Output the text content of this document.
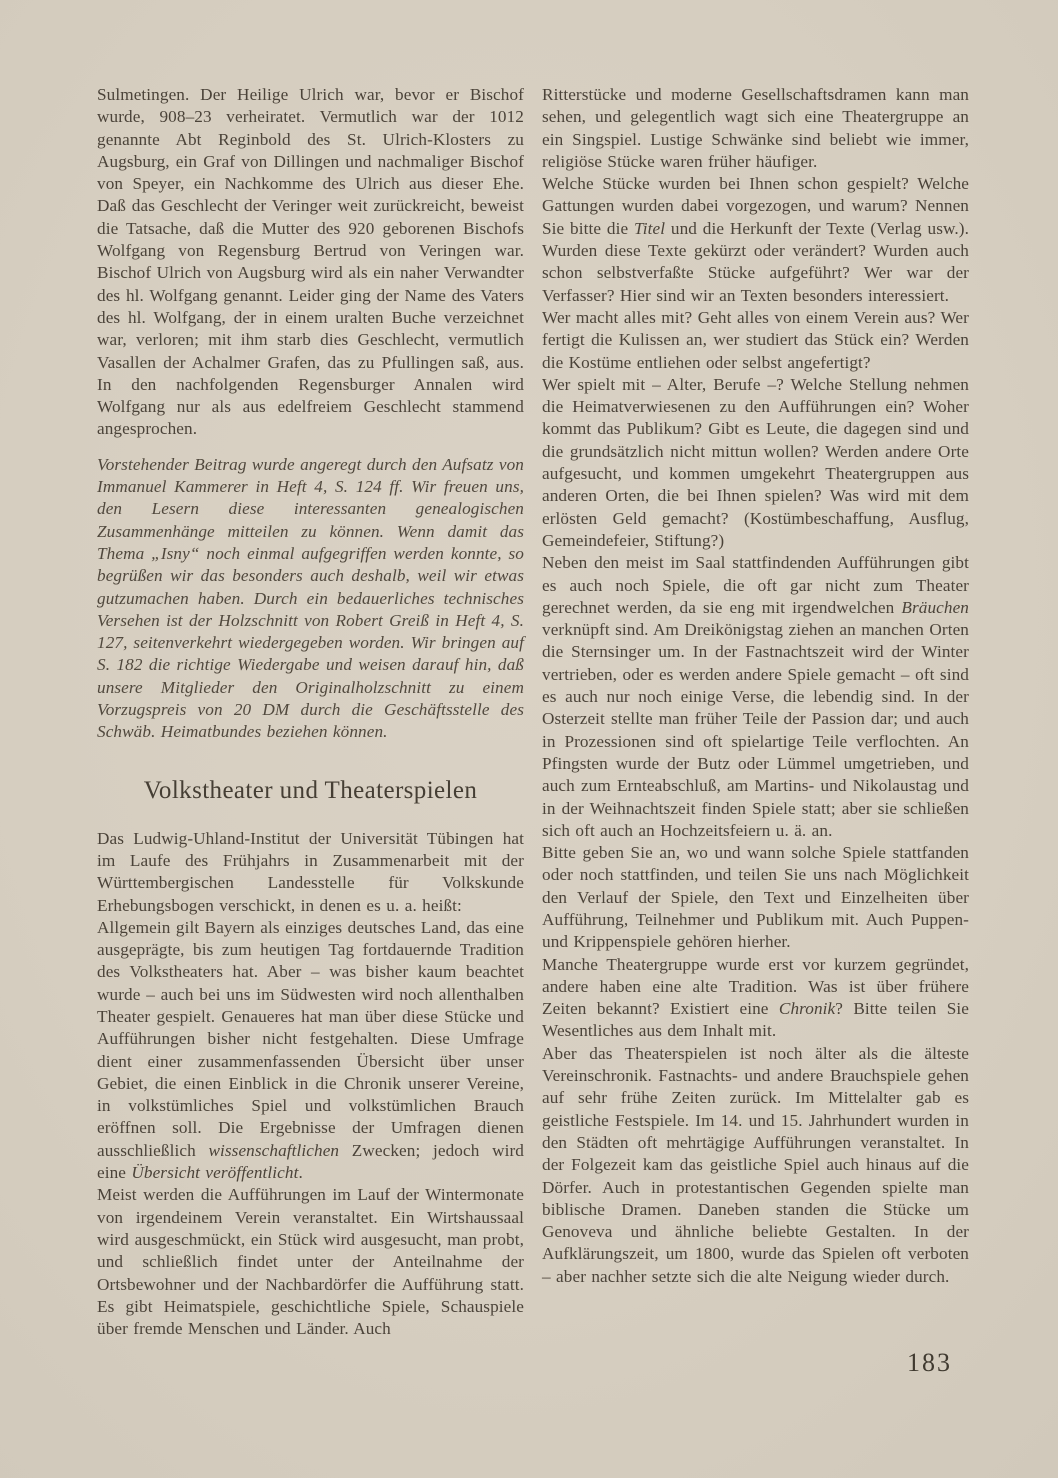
Sulmetingen. Der Heilige Ulrich war, bevor er Bischof wurde, 908–23 verheiratet. Vermutlich war der 1012 genannte Abt Reginbold des St. Ulrich-Klosters zu Augsburg, ein Graf von Dillingen und nachmaliger Bischof von Speyer, ein Nachkomme des Ulrich aus dieser Ehe. Daß das Geschlecht der Veringer weit zurückreicht, beweist die Tatsache, daß die Mutter des 920 geborenen Bischofs Wolfgang von Regensburg Bertrud von Veringen war. Bischof Ulrich von Augsburg wird als ein naher Verwandter des hl. Wolfgang genannt. Leider ging der Name des Vaters des hl. Wolfgang, der in einem uralten Buche verzeichnet war, verloren; mit ihm starb dies Geschlecht, vermutlich Vasallen der Achalmer Grafen, das zu Pfullingen saß, aus. In den nachfolgenden Regensburger Annalen wird Wolfgang nur als aus edelfreiem Geschlecht stammend angesprochen.

Vorstehender Beitrag wurde angeregt durch den Aufsatz von Immanuel Kammerer in Heft 4, S. 124 ff. Wir freuen uns, den Lesern diese interessanten genealogischen Zusammenhänge mitteilen zu können. Wenn damit das Thema „Isny“ noch einmal aufgegriffen werden konnte, so begrüßen wir das besonders auch deshalb, weil wir etwas gutzumachen haben. Durch ein bedauerliches technisches Versehen ist der Holzschnitt von Robert Greiß in Heft 4, S. 127, seitenverkehrt wiedergegeben worden. Wir bringen auf S. 182 die richtige Wiedergabe und weisen darauf hin, daß unsere Mitglieder den Originalholzschnitt zu einem Vorzugspreis von 20 DM durch die Geschäftsstelle des Schwäb. Heimatbundes beziehen können.

Volkstheater und Theaterspielen

Das Ludwig-Uhland-Institut der Universität Tübingen hat im Laufe des Frühjahrs in Zusammenarbeit mit der Württembergischen Landesstelle für Volkskunde Erhebungsbogen verschickt, in denen es u. a. heißt:

Allgemein gilt Bayern als einziges deutsches Land, das eine ausgeprägte, bis zum heutigen Tag fortdauernde Tradition des Volkstheaters hat. Aber – was bisher kaum beachtet wurde – auch bei uns im Südwesten wird noch allenthalben Theater gespielt. Genaueres hat man über diese Stücke und Aufführungen bisher nicht festgehalten. Diese Umfrage dient einer zusammenfassenden Übersicht über unser Gebiet, die einen Einblick in die Chronik unserer Vereine, in volkstümliches Spiel und volkstümlichen Brauch eröffnen soll. Die Ergebnisse der Umfragen dienen ausschließlich wissenschaftlichen Zwecken; jedoch wird eine Übersicht veröffentlicht.

Meist werden die Aufführungen im Lauf der Wintermonate von irgendeinem Verein veranstaltet. Ein Wirtshaussaal wird ausgeschmückt, ein Stück wird ausgesucht, man probt, und schließlich findet unter der Anteilnahme der Ortsbewohner und der Nachbardörfer die Aufführung statt. Es gibt Heimatspiele, geschichtliche Spiele, Schauspiele über fremde Menschen und Länder. Auch

Ritterstücke und moderne Gesellschaftsdramen kann man sehen, und gelegentlich wagt sich eine Theatergruppe an ein Singspiel. Lustige Schwänke sind beliebt wie immer, religiöse Stücke waren früher häufiger.

Welche Stücke wurden bei Ihnen schon gespielt? Welche Gattungen wurden dabei vorgezogen, und warum? Nennen Sie bitte die Titel und die Herkunft der Texte (Verlag usw.). Wurden diese Texte gekürzt oder verändert? Wurden auch schon selbstverfaßte Stücke aufgeführt? Wer war der Verfasser? Hier sind wir an Texten besonders interessiert.

Wer macht alles mit? Geht alles von einem Verein aus? Wer fertigt die Kulissen an, wer studiert das Stück ein? Werden die Kostüme entliehen oder selbst angefertigt?

Wer spielt mit – Alter, Berufe –? Welche Stellung nehmen die Heimatverwiesenen zu den Aufführungen ein? Woher kommt das Publikum? Gibt es Leute, die dagegen sind und die grundsätzlich nicht mittun wollen? Werden andere Orte aufgesucht, und kommen umgekehrt Theatergruppen aus anderen Orten, die bei Ihnen spielen? Was wird mit dem erlösten Geld gemacht? (Kostümbeschaffung, Ausflug, Gemeindefeier, Stiftung?)

Neben den meist im Saal stattfindenden Aufführungen gibt es auch noch Spiele, die oft gar nicht zum Theater gerechnet werden, da sie eng mit irgendwelchen Bräuchen verknüpft sind. Am Dreikönigstag ziehen an manchen Orten die Sternsinger um. In der Fastnachtszeit wird der Winter vertrieben, oder es werden andere Spiele gemacht – oft sind es auch nur noch einige Verse, die lebendig sind. In der Osterzeit stellte man früher Teile der Passion dar; und auch in Prozessionen sind oft spielartige Teile verflochten. An Pfingsten wurde der Butz oder Lümmel umgetrieben, und auch zum Ernteabschluß, am Martins- und Nikolaustag und in der Weihnachtszeit finden Spiele statt; aber sie schließen sich oft auch an Hochzeitsfeiern u. ä. an.

Bitte geben Sie an, wo und wann solche Spiele stattfanden oder noch stattfinden, und teilen Sie uns nach Möglichkeit den Verlauf der Spiele, den Text und Einzelheiten über Aufführung, Teilnehmer und Publikum mit. Auch Puppen- und Krippenspiele gehören hierher.

Manche Theatergruppe wurde erst vor kurzem gegründet, andere haben eine alte Tradition. Was ist über frühere Zeiten bekannt? Existiert eine Chronik? Bitte teilen Sie Wesentliches aus dem Inhalt mit.

Aber das Theaterspielen ist noch älter als die älteste Vereinschronik. Fastnachts- und andere Brauchspiele gehen auf sehr frühe Zeiten zurück. Im Mittelalter gab es geistliche Festspiele. Im 14. und 15. Jahrhundert wurden in den Städten oft mehrtägige Aufführungen veranstaltet. In der Folgezeit kam das geistliche Spiel auch hinaus auf die Dörfer. Auch in protestantischen Gegenden spielte man biblische Dramen. Daneben standen die Stücke um Genoveva und ähnliche beliebte Gestalten. In der Aufklärungszeit, um 1800, wurde das Spielen oft verboten – aber nachher setzte sich die alte Neigung wieder durch.

183
